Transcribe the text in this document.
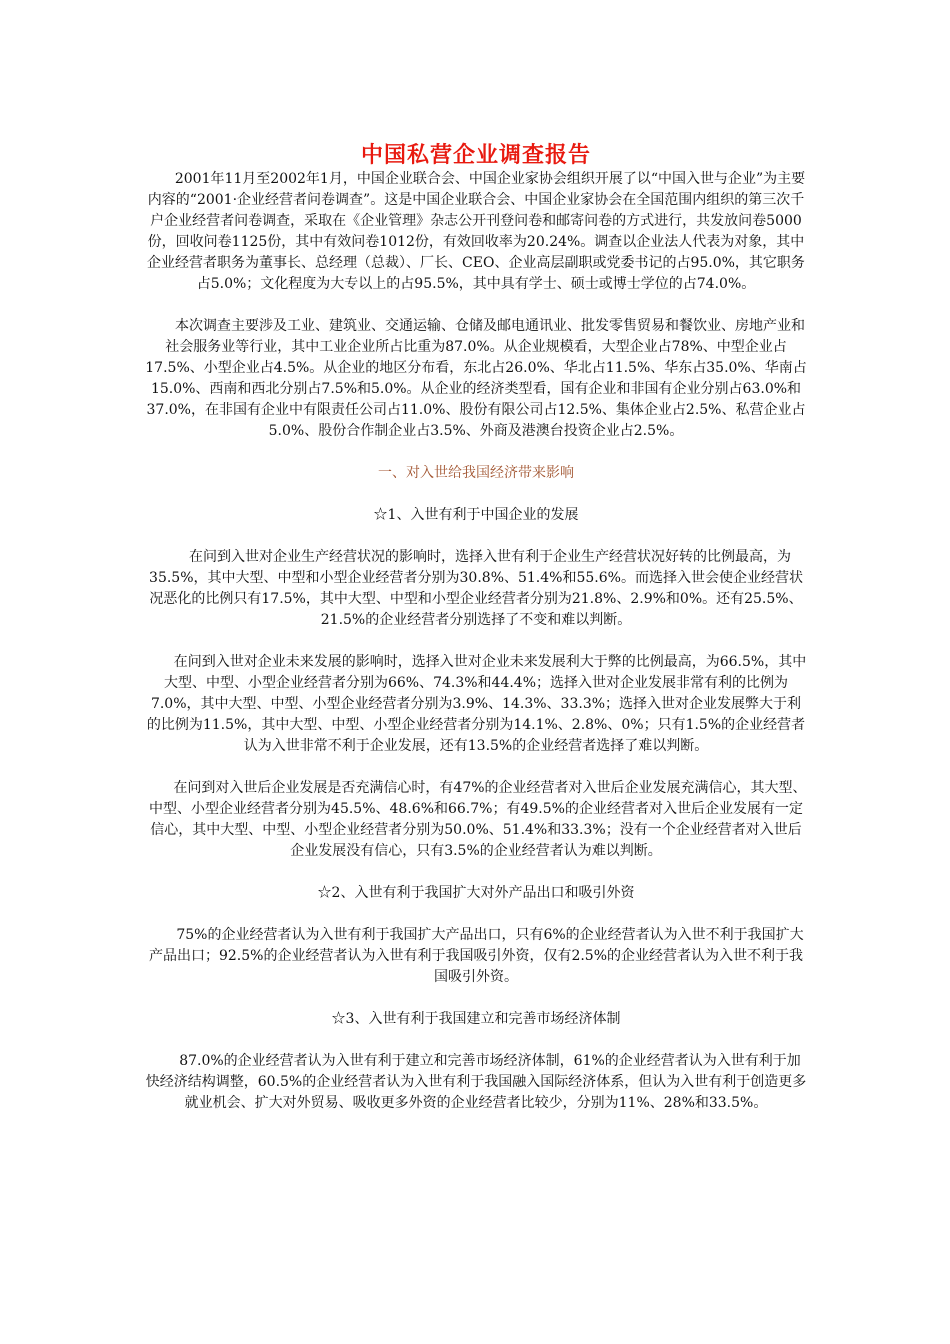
中国私营企业调查报告

2001年11月至2002年1月，中国企业联合会、中国企业家协会组织开展了以“中国入世与企业”为主要内容的“2001·企业经营者问卷调查”。这是中国企业联合会、中国企业家协会在全国范围内组织的第三次千户企业经营者问卷调查，采取在《企业管理》杂志公开刊登问卷和邮寄问卷的方式进行，共发放问卷5000份，回收问卷1125份，其中有效问卷1012份，有效回收率为20.24%。调查以企业法人代表为对象，其中企业经营者职务为董事长、总经理（总裁）、厂长、CEO、企业高层副职或党委书记的占95.0%，其它职务占5.0%；文化程度为大专以上的占95.5%，其中具有学士、硕士或博士学位的占74.0%。

本次调查主要涉及工业、建筑业、交通运输、仓储及邮电通讯业、批发零售贸易和餐饮业、房地产业和社会服务业等行业，其中工业企业所占比重为87.0%。从企业规模看，大型企业占78%、中型企业占17.5%、小型企业占4.5%。从企业的地区分布看，东北占26.0%、华北占11.5%、华东占35.0%、华南占15.0%、西南和西北分别占7.5%和5.0%。从企业的经济类型看，国有企业和非国有企业分别占63.0%和37.0%，在非国有企业中有限责任公司占11.0%、股份有限公司占12.5%、集体企业占2.5%、私营企业占5.0%、股份合作制企业占3.5%、外商及港澳台投资企业占2.5%。

一、对入世给我国经济带来影响

☆1、入世有利于中国企业的发展

在问到入世对企业生产经营状况的影响时，选择入世有利于企业生产经营状况好转的比例最高，为35.5%，其中大型、中型和小型企业经营者分别为30.8%、51.4%和55.6%。而选择入世会使企业经营状况恶化的比例只有17.5%，其中大型、中型和小型企业经营者分别为21.8%、2.9%和0%。还有25.5%、21.5%的企业经营者分别选择了不变和难以判断。

在问到入世对企业未来发展的影响时，选择入世对企业未来发展利大于弊的比例最高，为66.5%，其中大型、中型、小型企业经营者分别为66%、74.3%和44.4%；选择入世对企业发展非常有利的比例为7.0%，其中大型、中型、小型企业经营者分别为3.9%、14.3%、33.3%；选择入世对企业发展弊大于利的比例为11.5%，其中大型、中型、小型企业经营者分别为14.1%、2.8%、0%；只有1.5%的企业经营者认为入世非常不利于企业发展，还有13.5%的企业经营者选择了难以判断。

在问到对入世后企业发展是否充满信心时，有47%的企业经营者对入世后企业发展充满信心，其大型、中型、小型企业经营者分别为45.5%、48.6%和66.7%；有49.5%的企业经营者对入世后企业发展有一定信心，其中大型、中型、小型企业经营者分别为50.0%、51.4%和33.3%；没有一个企业经营者对入世后企业发展没有信心，只有3.5%的企业经营者认为难以判断。

☆2、入世有利于我国扩大对外产品出口和吸引外资

75%的企业经营者认为入世有利于我国扩大产品出口，只有6%的企业经营者认为入世不利于我国扩大产品出口；92.5%的企业经营者认为入世有利于我国吸引外资，仅有2.5%的企业经营者认为入世不利于我国吸引外资。

☆3、入世有利于我国建立和完善市场经济体制

87.0%的企业经营者认为入世有利于建立和完善市场经济体制，61%的企业经营者认为入世有利于加快经济结构调整，60.5%的企业经营者认为入世有利于我国融入国际经济体系，但认为入世有利于创造更多就业机会、扩大对外贸易、吸收更多外资的企业经营者比较少，分别为11%、28%和33.5%。
